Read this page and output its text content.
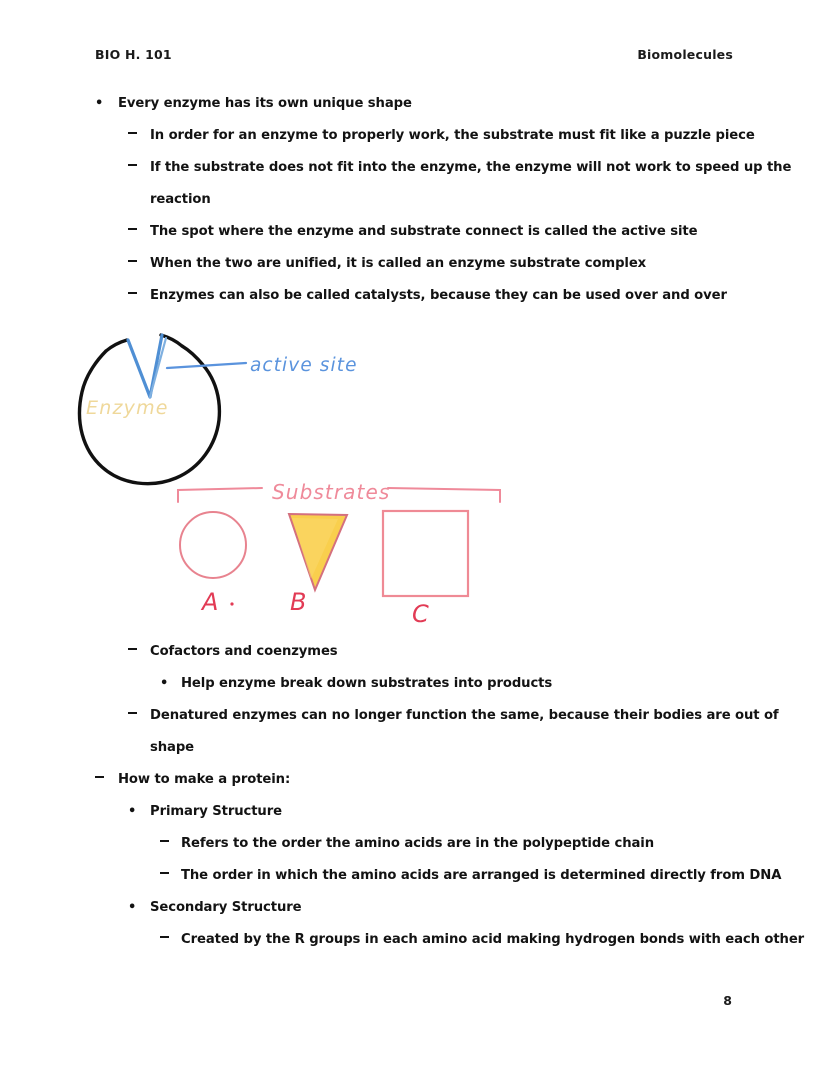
BIO H. 101	Biomolecules
• Every enzyme has its own unique shape
In order for an enzyme to properly work, the substrate must fit like a puzzle piece
If the substrate does not fit into the enzyme, the enzyme will not work to speed up the
reaction
The spot where the enzyme and substrate connect is called the active site
When the two are unified, it is called an enzyme substrate complex
Enzymes can also be called catalysts, because they can be used over and over
Enzyme
active site
Substrates
A	B	C
Cofactors and coenzymes
• Help enzyme break down substrates into products
Denatured enzymes can no longer function the same, because their bodies are out of
shape
How to make a protein:
• Primary Structure
Refers to the order the amino acids are in the polypeptide chain
The order in which the amino acids are arranged is determined directly from DNA
• Secondary Structure
Created by the R groups in each amino acid making hydrogen bonds with each other
8
